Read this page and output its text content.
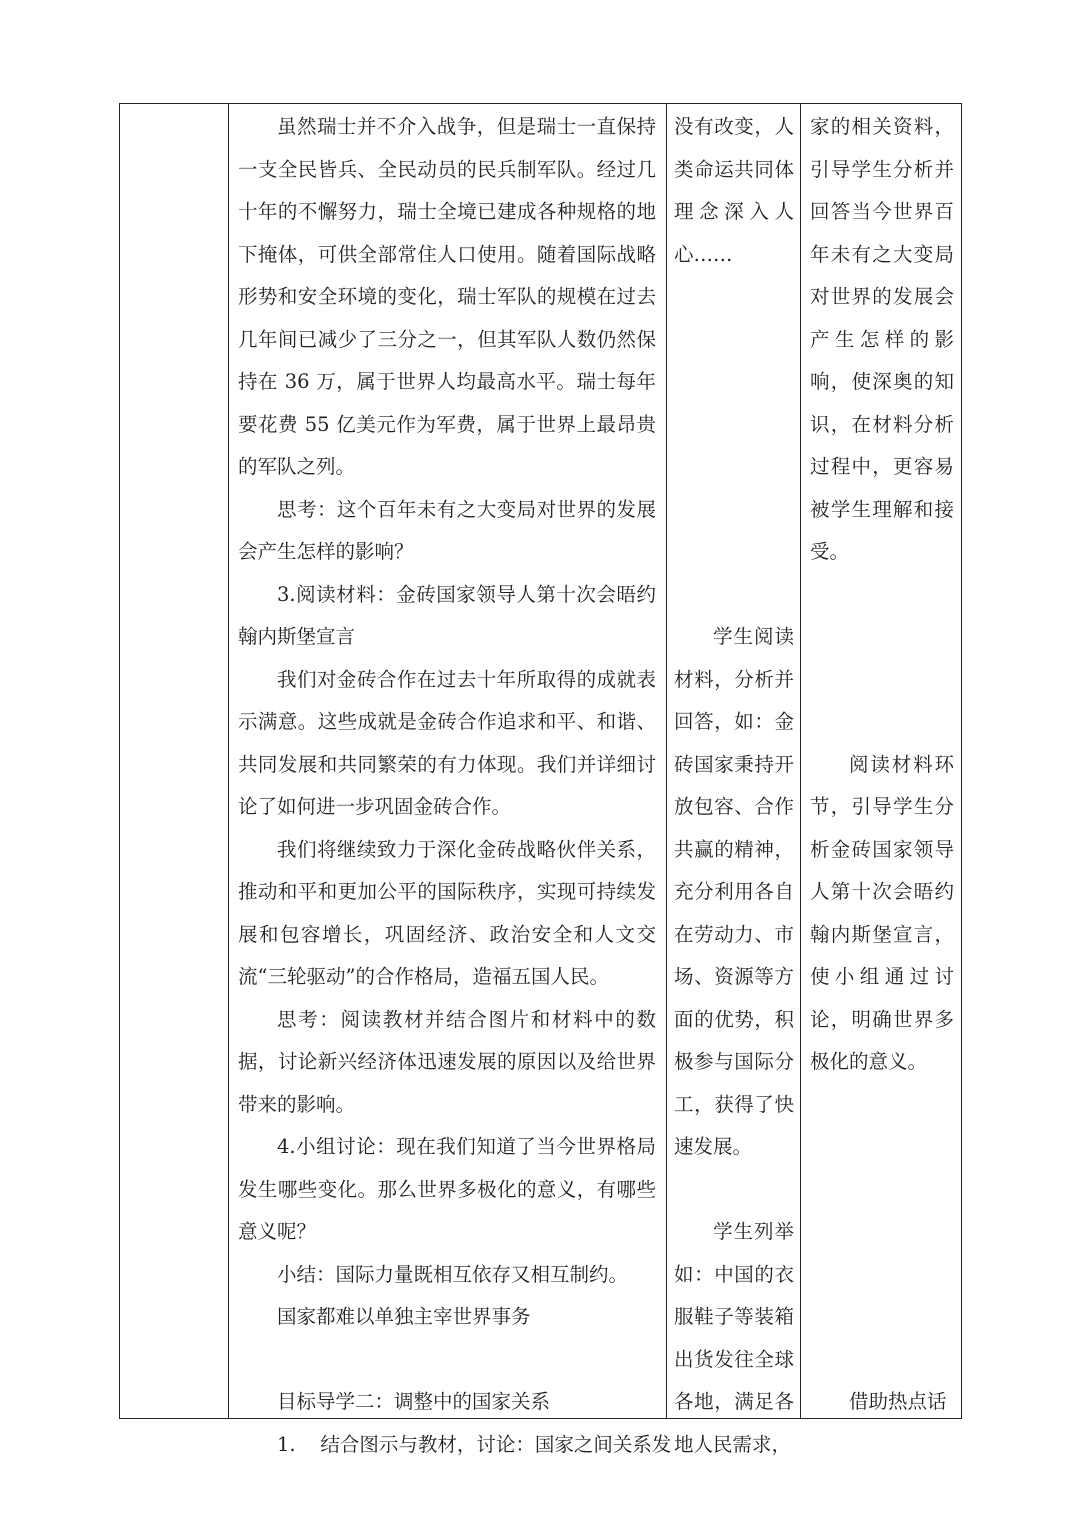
虽然瑞士并不介入战争，但是瑞士一直保持一支全民皆兵、全民动员的民兵制军队。经过几十年的不懈努力，瑞士全境已建成各种规格的地下掩体，可供全部常住人口使用。随着国际战略形势和安全环境的变化，瑞士军队的规模在过去几年间已减少了三分之一，但其军队人数仍然保持在 36 万，属于世界人均最高水平。瑞士每年要花费 55 亿美元作为军费，属于世界上最昂贵的军队之列。

思考：这个百年未有之大变局对世界的发展会产生怎样的影响？

3.阅读材料：金砖国家领导人第十次会晤约翰内斯堡宣言

我们对金砖合作在过去十年所取得的成就表示满意。这些成就是金砖合作追求和平、和谐、共同发展和共同繁荣的有力体现。我们并详细讨论了如何进一步巩固金砖合作。

我们将继续致力于深化金砖战略伙伴关系，推动和平和更加公平的国际秩序，实现可持续发展和包容增长，巩固经济、政治安全和人文交流“三轮驱动”的合作格局，造福五国人民。

思考：阅读教材并结合图片和材料中的数据，讨论新兴经济体迅速发展的原因以及给世界带来的影响。

4.小组讨论：现在我们知道了当今世界格局发生哪些变化。那么世界多极化的意义，有哪些意义呢？

小结：国际力量既相互依存又相互制约。

国家都难以单独主宰世界事务

目标导学二：调整中的国家关系

1.    结合图示与教材，讨论：国家之间关系发

没有改变，人类命运共同体理念深入人心……

学生阅读材料，分析并回答，如：金砖国家秉持开放包容、合作共赢的精神，充分利用各自在劳动力、市场、资源等方面的优势，积极参与国际分工，获得了快速发展。

学生列举如：中国的衣服鞋子等装箱出货发往全球各地，满足各地人民需求，

家的相关资料，引导学生分析并回答当今世界百年未有之大变局对世界的发展会产生怎样的影响，使深奥的知识，在材料分析过程中，更容易被学生理解和接受。

阅读材料环节，引导学生分析金砖国家领导人第十次会晤约翰内斯堡宣言，使小组通过讨论，明确世界多极化的意义。

借助热点话
